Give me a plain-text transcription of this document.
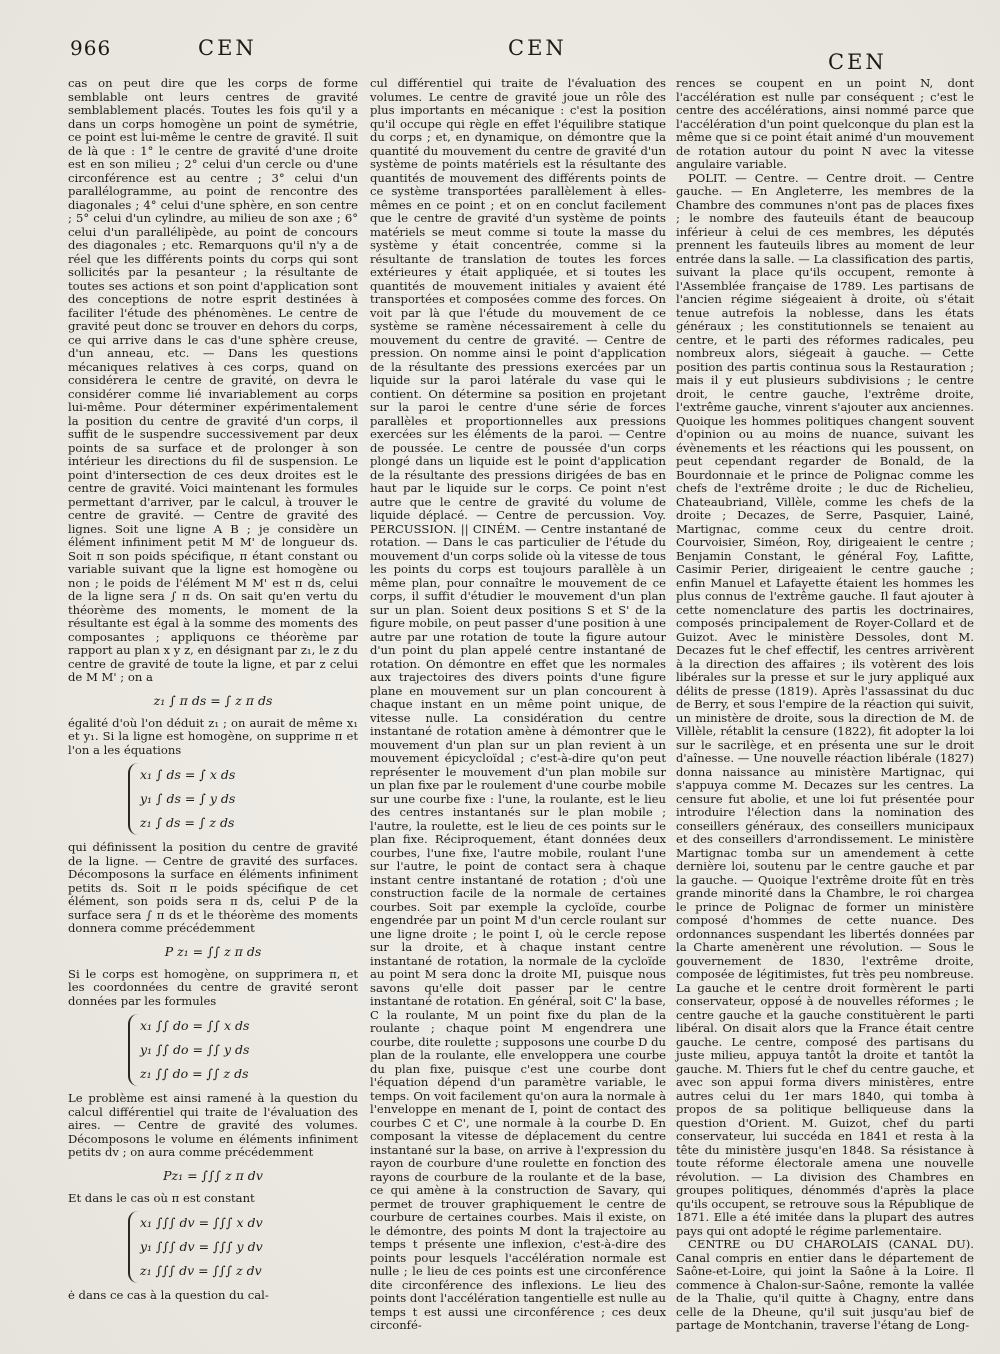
966	CEN	CEN
CEN

cas on peut dire que les corps de forme semblable ont leurs centres de gravité semblablement placés. Toutes les fois qu'il y a dans un corps homogène un point de symétrie, ce point est lui-même le centre de gravité. Il suit de là que : 1° le centre de gravité d'une droite est en son milieu ; 2° celui d'un cercle ou d'une circonférence est au centre ; 3° celui d'un parallélogramme, au point de rencontre des diagonales ; 4° celui d'une sphère, en son centre ; 5° celui d'un cylindre, au milieu de son axe ; 6° celui d'un parallélipède, au point de concours des diagonales ; etc. Remarquons qu'il n'y a de réel que les différents points du corps qui sont sollicités par la pesanteur ; la résultante de toutes ses actions et son point d'application sont des conceptions de notre esprit destinées à faciliter l'étude des phénomènes. Le centre de gravité peut donc se trouver en dehors du corps, ce qui arrive dans le cas d'une sphère creuse, d'un anneau, etc. — Dans les questions mécaniques relatives à ces corps, quand on considérera le centre de gravité, on devra le considérer comme lié invariablement au corps lui-même. Pour déterminer expérimentalement la position du centre de gravité d'un corps, il suffit de le suspendre successivement par deux points de sa surface et de prolonger à son intérieur les directions du fil de suspension. Le point d'intersection de ces deux droites est le centre de gravité. Voici maintenant les formules permettant d'arriver, par le calcul, à trouver le centre de gravité. — Centre de gravité des lignes. Soit une ligne A B ; je considère un élément infiniment petit M M' de longueur ds. Soit π son poids spécifique, π étant constant ou variable suivant que la ligne est homogène ou non ; le poids de l'élément M M' est π ds, celui de la ligne sera ∫ π ds. On sait qu'en vertu du théorème des moments, le moment de la résultante est égal à la somme des moments des composantes ; appliquons ce théorème par rapport au plan x y z, en désignant par z₁, le z du centre de gravité de toute la ligne, et par z celui de M M' ; on a

z₁ ∫ π ds = ∫ z π ds

égalité d'où l'on déduit z₁ ; on aurait de même x₁ et y₁. Si la ligne est homogène, on supprime π et l'on a les équations

x₁ ∫ ds = ∫ x ds
y₁ ∫ ds = ∫ y ds
z₁ ∫ ds = ∫ z ds

qui définissent la position du centre de gravité de la ligne. — Centre de gravité des surfaces. Décomposons la surface en éléments infiniment petits ds. Soit π le poids spécifique de cet élément, son poids sera π ds, celui P de la surface sera ∫ π ds et le théorème des moments donnera comme précédemment

P z₁ = ∫∫ z π ds

Si le corps est homogène, on supprimera π, et les coordonnées du centre de gravité seront données par les formules

x₁ ∫∫ do = ∫∫ x ds
y₁ ∫∫ do = ∫∫ y ds
z₁ ∫∫ do = ∫∫ z ds

Le problème est ainsi ramené à la question du calcul différentiel qui traite de l'évaluation des aires. — Centre de gravité des volumes. Décomposons le volume en éléments infiniment petits dv ; on aura comme précédemment

Pz₁ = ∫∫∫ z π dv

Et dans le cas où π est constant

x₁ ∫∫∫ dv = ∫∫∫ x dv
y₁ ∫∫∫ dv = ∫∫∫ y dv
z₁ ∫∫∫ dv = ∫∫∫ z dv

ė dans ce cas à la question du cal-

cul différentiel qui traite de l'évaluation des volumes. Le centre de gravité joue un rôle des plus importants en mécanique : c'est la position qu'il occupe qui règle en effet l'équilibre statique du corps ; et, en dynamique, on démontre que la quantité du mouvement du centre de gravité d'un système de points matériels est la résultante des quantités de mouvement des différents points de ce système transportées parallèlement à elles-mêmes en ce point ; et on en conclut facilement que le centre de gravité d'un système de points matériels se meut comme si toute la masse du système y était concentrée, comme si la résultante de translation de toutes les forces extérieures y était appliquée, et si toutes les quantités de mouvement initiales y avaient été transportées et composées comme des forces. On voit par là que l'étude du mouvement de ce système se ramène nécessairement à celle du mouvement du centre de gravité. — Centre de pression. On nomme ainsi le point d'application de la résultante des pressions exercées par un liquide sur la paroi latérale du vase qui le contient. On détermine sa position en projetant sur la paroi le centre d'une série de forces parallèles et proportionnelles aux pressions exercées sur les éléments de la paroi. — Centre de poussée. Le centre de poussée d'un corps plongé dans un liquide est le point d'application de la résultante des pressions dirigées de bas en haut par le liquide sur le corps. Ce point n'est autre que le centre de gravité du volume de liquide déplacé. — Centre de percussion. Voy. PERCUSSION. || CINÉM. — Centre instantané de rotation. — Dans le cas particulier de l'étude du mouvement d'un corps solide où la vitesse de tous les points du corps est toujours parallèle à un même plan, pour connaître le mouvement de ce corps, il suffit d'étudier le mouvement d'un plan sur un plan. Soient deux positions S et S' de la figure mobile, on peut passer d'une position à une autre par une rotation de toute la figure autour d'un point du plan appelé centre instantané de rotation. On démontre en effet que les normales aux trajectoires des divers points d'une figure plane en mouvement sur un plan concourent à chaque instant en un même point unique, de vitesse nulle. La considération du centre instantané de rotation amène à démontrer que le mouvement d'un plan sur un plan revient à un mouvement épicycloïdal ; c'est-à-dire qu'on peut représenter le mouvement d'un plan mobile sur un plan fixe par le roulement d'une courbe mobile sur une courbe fixe : l'une, la roulante, est le lieu des centres instantanés sur le plan mobile ; l'autre, la roulette, est le lieu de ces points sur le plan fixe. Réciproquement, étant données deux courbes, l'une fixe, l'autre mobile, roulant l'une sur l'autre, le point de contact sera à chaque instant centre instantané de rotation ; d'où une construction facile de la normale de certaines courbes. Soit par exemple la cycloïde, courbe engendrée par un point M d'un cercle roulant sur une ligne droite ; le point I, où le cercle repose sur la droite, et à chaque instant centre instantané de rotation, la normale de la cycloïde au point M sera donc la droite MI, puisque nous savons qu'elle doit passer par le centre instantané de rotation. En général, soit C' la base, C la roulante, M un point fixe du plan de la roulante ; chaque point M engendrera une courbe, dite roulette ; supposons une courbe D du plan de la roulante, elle enveloppera une courbe du plan fixe, puisque c'est une courbe dont l'équation dépend d'un paramètre variable, le temps. On voit facilement qu'on aura la normale à l'enveloppe en menant de I, point de contact des courbes C et C', une normale à la courbe D. En composant la vitesse de déplacement du centre instantané sur la base, on arrive à l'expression du rayon de courbure d'une roulette en fonction des rayons de courbure de la roulante et de la base, ce qui amène à la construction de Savary, qui permet de trouver graphiquement le centre de courbure de certaines courbes. Mais il existe, on le démontre, des points M dont la trajectoire au temps t présente une inflexion, c'est-à-dire des points pour lesquels l'accélération normale est nulle ; le lieu de ces points est une circonférence dite circonférence des inflexions. Le lieu des points dont l'accélération tangentielle est nulle au temps t est aussi une circonférence ; ces deux circonfé-

rences se coupent en un point N, dont l'accélération est nulle par conséquent ; c'est le centre des accélérations, ainsi nommé parce que l'accélération d'un point quelconque du plan est la même que si ce point était animé d'un mouvement de rotation autour du point N avec la vitesse angulaire variable.

POLIT. — Centre. — Centre droit. — Centre gauche. — En Angleterre, les membres de la Chambre des communes n'ont pas de places fixes ; le nombre des fauteuils étant de beaucoup inférieur à celui de ces membres, les députés prennent les fauteuils libres au moment de leur entrée dans la salle. — La classification des partis, suivant la place qu'ils occupent, remonte à l'Assemblée française de 1789. Les partisans de l'ancien régime siégeaient à droite, où s'était tenue autrefois la noblesse, dans les états généraux ; les constitutionnels se tenaient au centre, et le parti des réformes radicales, peu nombreux alors, siégeait à gauche. — Cette position des partis continua sous la Restauration ; mais il y eut plusieurs subdivisions ; le centre droit, le centre gauche, l'extrême droite, l'extrême gauche, vinrent s'ajouter aux anciennes. Quoique les hommes politiques changent souvent d'opinion ou au moins de nuance, suivant les évènements et les réactions qui les poussent, on peut cependant regarder de Bonald, de la Bourdonnaie et le prince de Polignac comme les chefs de l'extrême droite ; le duc de Richelieu, Chateaubriand, Villèle, comme les chefs de la droite ; Decazes, de Serre, Pasquier, Lainé, Martignac, comme ceux du centre droit. Courvoisier, Siméon, Roy, dirigeaient le centre ; Benjamin Constant, le général Foy, Lafitte, Casimir Perier, dirigeaient le centre gauche ; enfin Manuel et Lafayette étaient les hommes les plus connus de l'extrême gauche. Il faut ajouter à cette nomenclature des partis les doctrinaires, composés principalement de Royer-Collard et de Guizot. Avec le ministère Dessoles, dont M. Decazes fut le chef effectif, les centres arrivèrent à la direction des affaires ; ils votèrent des lois libérales sur la presse et sur le jury appliqué aux délits de presse (1819). Après l'assassinat du duc de Berry, et sous l'empire de la réaction qui suivit, un ministère de droite, sous la direction de M. de Villèle, rétablit la censure (1822), fit adopter la loi sur le sacrilège, et en présenta une sur le droit d'aînesse. — Une nouvelle réaction libérale (1827) donna naissance au ministère Martignac, qui s'appuya comme M. Decazes sur les centres. La censure fut abolie, et une loi fut présentée pour introduire l'élection dans la nomination des conseillers généraux, des conseillers municipaux et des conseillers d'arrondissement. Le ministère Martignac tomba sur un amendement à cette dernière loi, soutenu par le centre gauche et par la gauche. — Quoique l'extrême droite fût en très grande minorité dans la Chambre, le roi chargea le prince de Polignac de former un ministère composé d'hommes de cette nuance. Des ordonnances suspendant les libertés données par la Charte amenèrent une révolution. — Sous le gouvernement de 1830, l'extrême droite, composée de légitimistes, fut très peu nombreuse. La gauche et le centre droit formèrent le parti conservateur, opposé à de nouvelles réformes ; le centre gauche et la gauche constituèrent le parti libéral. On disait alors que la France était centre gauche. Le centre, composé des partisans du juste milieu, appuya tantôt la droite et tantôt la gauche. M. Thiers fut le chef du centre gauche, et avec son appui forma divers ministères, entre autres celui du 1er mars 1840, qui tomba à propos de sa politique belliqueuse dans la question d'Orient. M. Guizot, chef du parti conservateur, lui succéda en 1841 et resta à la tête du ministère jusqu'en 1848. Sa résistance à toute réforme électorale amena une nouvelle révolution. — La division des Chambres en groupes politiques, dénommés d'après la place qu'ils occupent, se retrouve sous la République de 1871. Elle a été imitée dans la plupart des autres pays qui ont adopté le régime parlementaire.

CENTRE ou DU CHAROLAIS (CANAL DU). Canal compris en entier dans le département de Saône-et-Loire, qui joint la Saône à la Loire. Il commence à Chalon-sur-Saône, remonte la vallée de la Thalie, qu'il quitte à Chagny, entre dans celle de la Dheune, qu'il suit jusqu'au bief de partage de Montchanin, traverse l'étang de Long-
